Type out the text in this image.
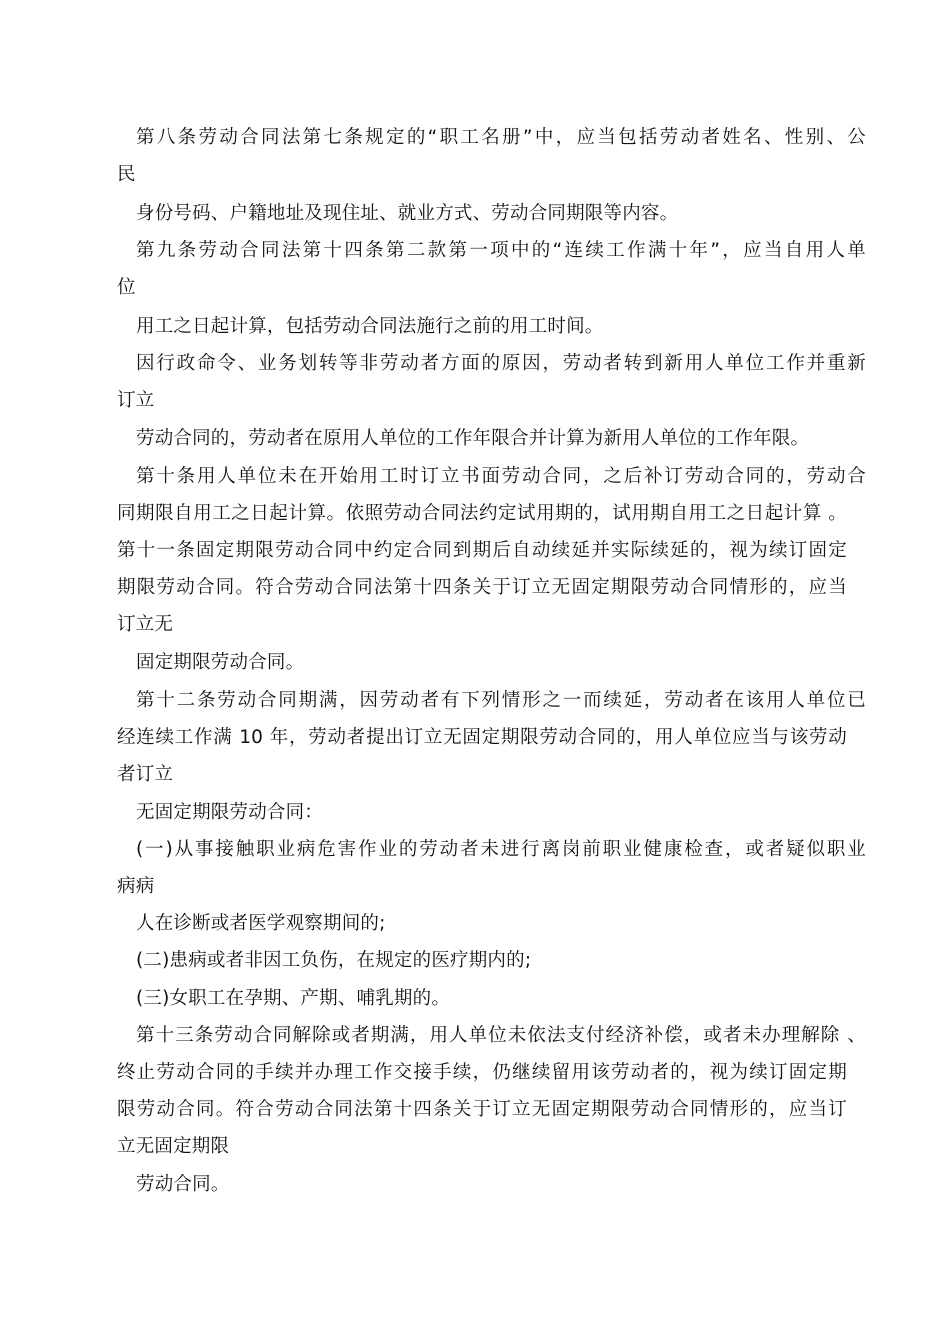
第八条劳动合同法第七条规定的“职工名册”中，应当包括劳动者姓名、性别、公
民
身份号码、户籍地址及现住址、就业方式、劳动合同期限等内容。
第九条劳动合同法第十四条第二款第一项中的“连续工作满十年”，应当自用人单
位
用工之日起计算，包括劳动合同法施行之前的用工时间。
因行政命令、业务划转等非劳动者方面的原因，劳动者转到新用人单位工作并重新
订立
劳动合同的，劳动者在原用人单位的工作年限合并计算为新用人单位的工作年限。
第十条用人单位未在开始用工时订立书面劳动合同，之后补订劳动合同的，劳动合
同期限自用工之日起计算。依照劳动合同法约定试用期的，试用期自用工之日起计算 。
第十一条固定期限劳动合同中约定合同到期后自动续延并实际续延的，视为续订固定
期限劳动合同。符合劳动合同法第十四条关于订立无固定期限劳动合同情形的，应当
订立无
固定期限劳动合同。
第十二条劳动合同期满，因劳动者有下列情形之一而续延，劳动者在该用人单位已
经连续工作满 10 年，劳动者提出订立无固定期限劳动合同的，用人单位应当与该劳动
者订立
无固定期限劳动合同：
(一)从事接触职业病危害作业的劳动者未进行离岗前职业健康检查，或者疑似职业
病病
人在诊断或者医学观察期间的;
(二)患病或者非因工负伤，在规定的医疗期内的;
(三)女职工在孕期、产期、哺乳期的。
第十三条劳动合同解除或者期满，用人单位未依法支付经济补偿，或者未办理解除 、
终止劳动合同的手续并办理工作交接手续，仍继续留用该劳动者的，视为续订固定期
限劳动合同。符合劳动合同法第十四条关于订立无固定期限劳动合同情形的，应当订
立无固定期限
劳动合同。
